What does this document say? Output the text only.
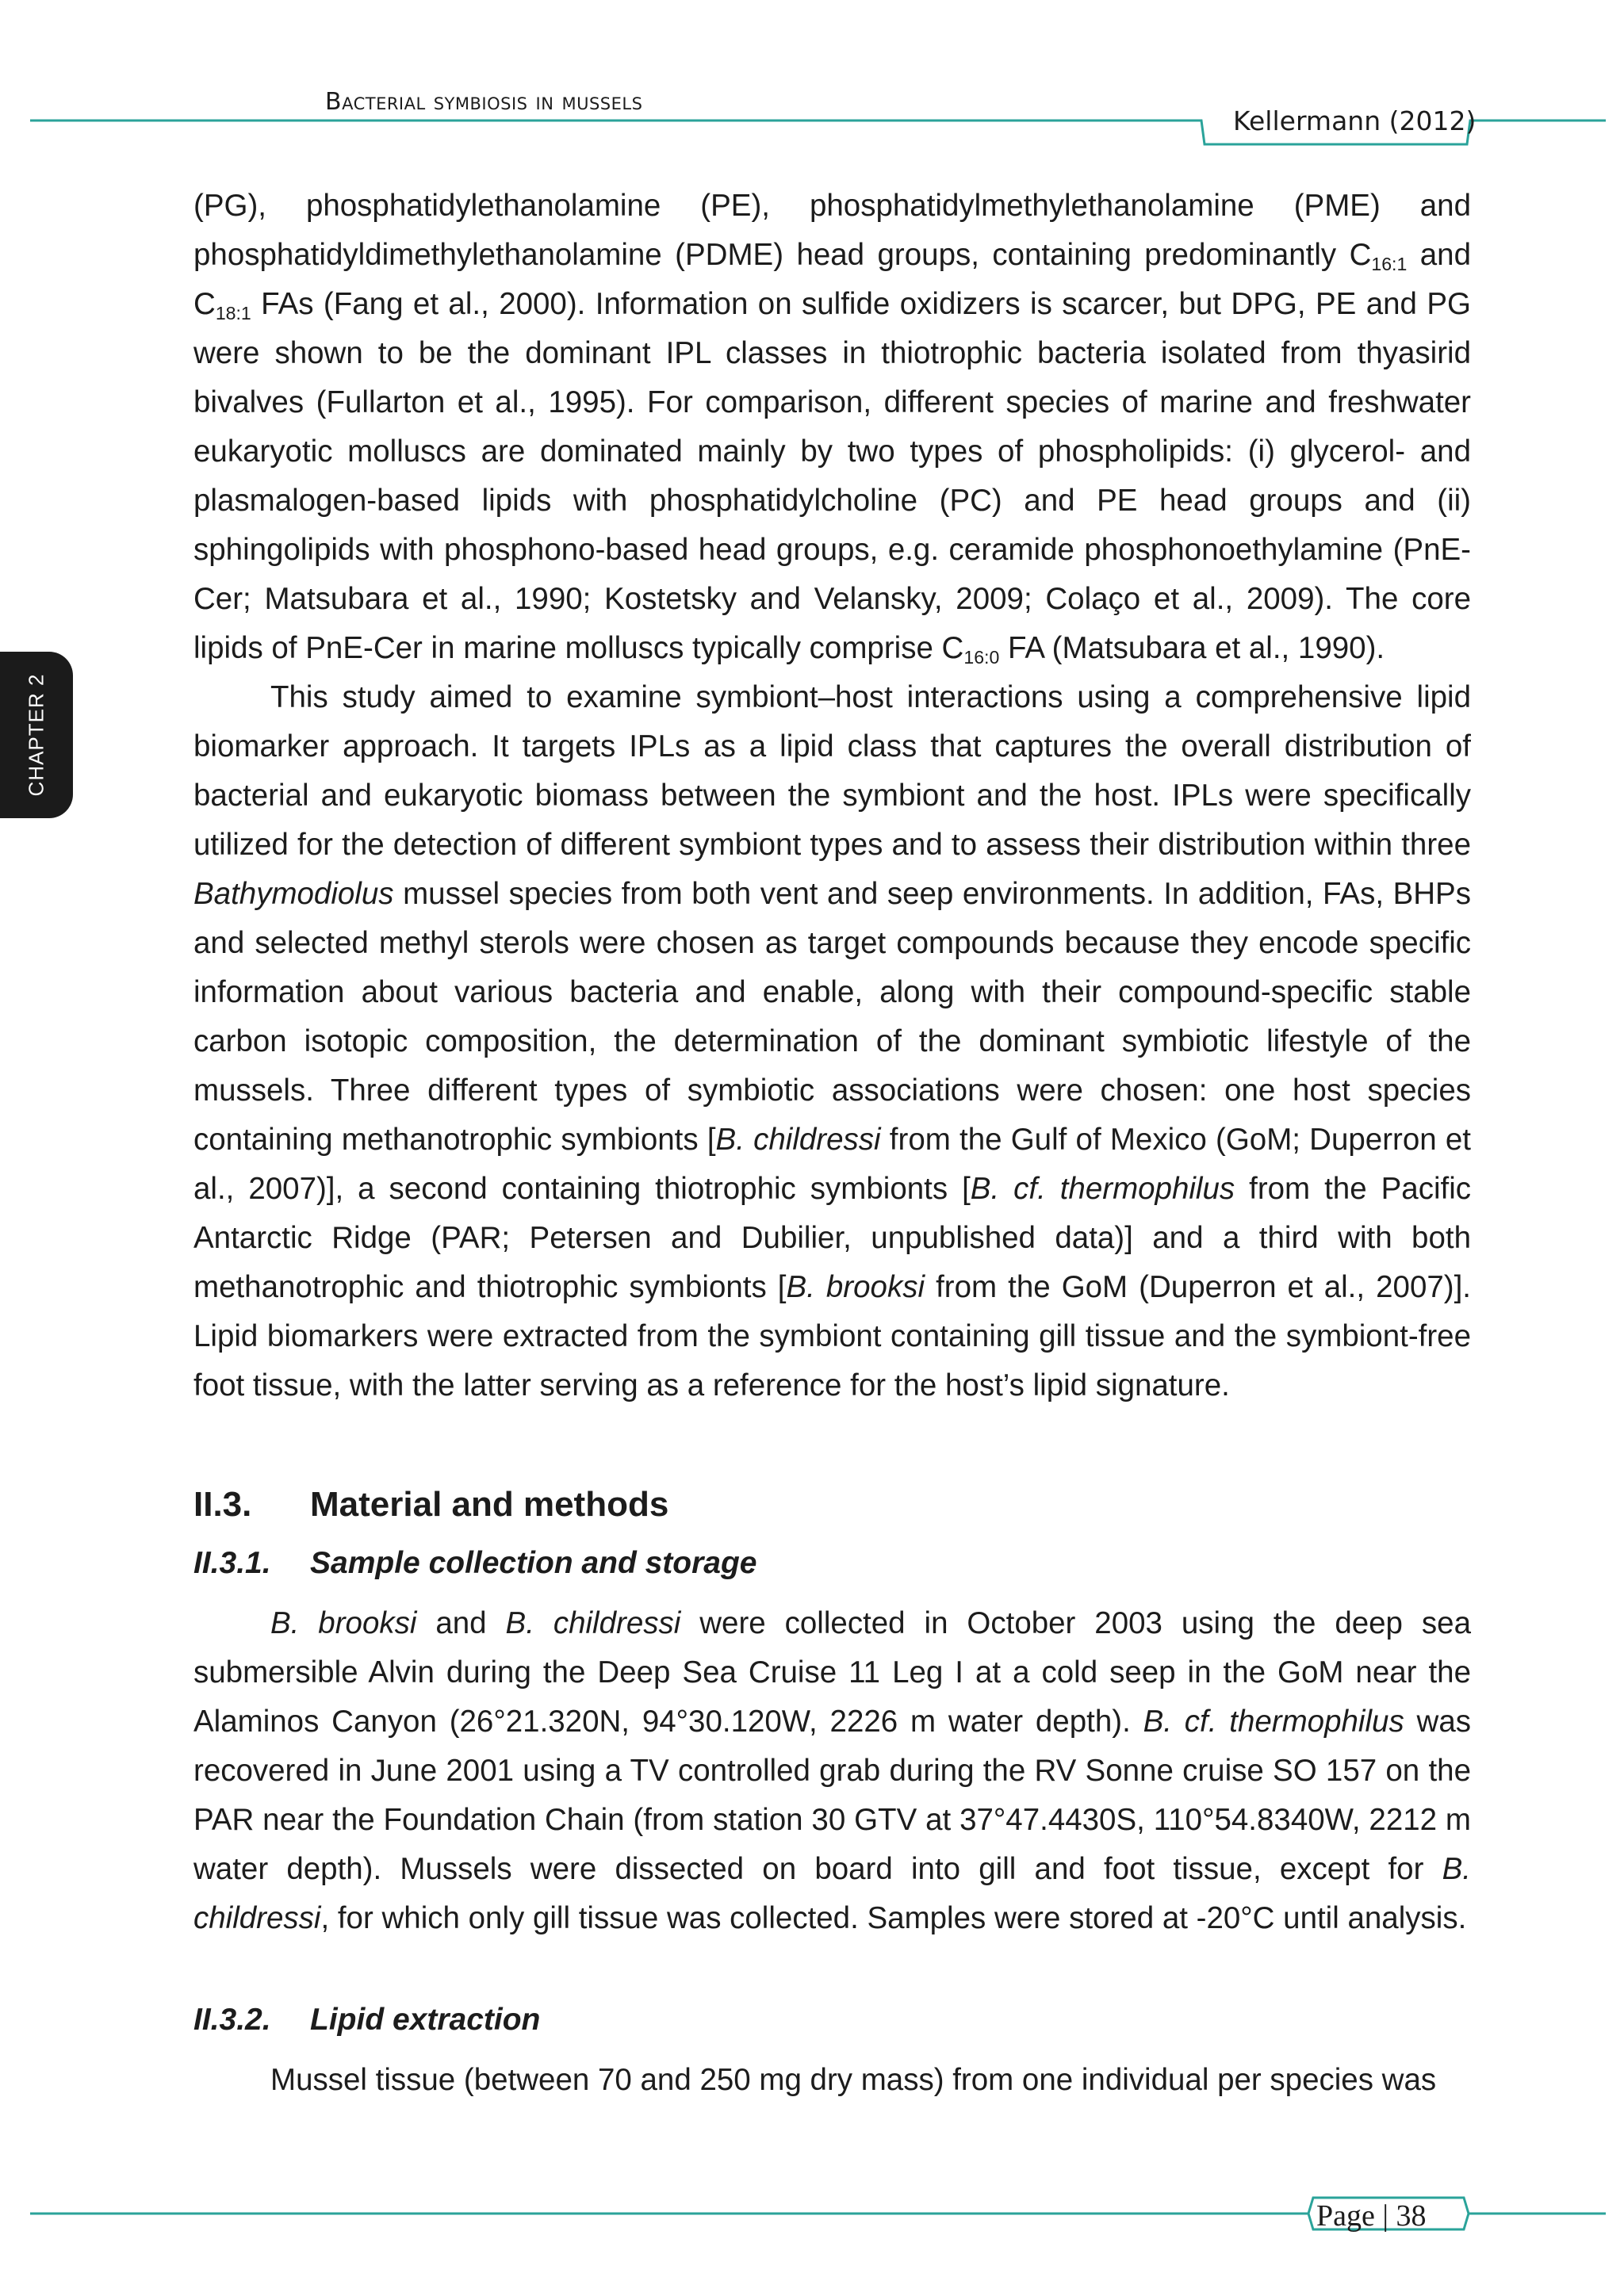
Bacterial symbiosis in mussels
Kellermann (2012)
CHAPTER 2

(PG), phosphatidylethanolamine (PE), phosphatidylmethylethanolamine (PME) and phosphatidyldimethylethanolamine (PDME) head groups, containing predominantly $C_{16:1}$ and $C_{18:1}$ FAs (Fang et al., 2000). Information on sulfide oxidizers is scarcer, but DPG, PE and PG were shown to be the dominant IPL classes in thiotrophic bacteria isolated from thyasirid bivalves (Fullarton et al., 1995). For comparison, different species of marine and freshwater eukaryotic molluscs are dominated mainly by two types of phospholipids: (i) glycerol- and plasmalogen-based lipids with phosphatidylcholine (PC) and PE head groups and (ii) sphingolipids with phosphono-based head groups, e.g. ceramide phosphonoethylamine (PnE-Cer; Matsubara et al., 1990; Kostetsky and Velansky, 2009; Colaço et al., 2009). The core lipids of PnE-Cer in marine molluscs typically comprise $C_{16:0}$ FA (Matsubara et al., 1990).

This study aimed to examine symbiont–host interactions using a comprehensive lipid biomarker approach. It targets IPLs as a lipid class that captures the overall distribution of bacterial and eukaryotic biomass between the symbiont and the host. IPLs were specifically utilized for the detection of different symbiont types and to assess their distribution within three Bathymodiolus mussel species from both vent and seep environments. In addition, FAs, BHPs and selected methyl sterols were chosen as target compounds because they encode specific information about various bacteria and enable, along with their compound-specific stable carbon isotopic composition, the determination of the dominant symbiotic lifestyle of the mussels. Three different types of symbiotic associations were chosen: one host species containing methanotrophic symbionts [B. childressi from the Gulf of Mexico (GoM; Duperron et al., 2007)], a second containing thiotrophic symbionts [B. cf. thermophilus from the Pacific Antarctic Ridge (PAR; Petersen and Dubilier, unpublished data)] and a third with both methanotrophic and thiotrophic symbionts [B. brooksi from the GoM (Duperron et al., 2007)]. Lipid biomarkers were extracted from the symbiont containing gill tissue and the symbiont-free foot tissue, with the latter serving as a reference for the host’s lipid signature.

II.3. Material and methods
II.3.1. Sample collection and storage

B. brooksi and B. childressi were collected in October 2003 using the deep sea submersible Alvin during the Deep Sea Cruise 11 Leg I at a cold seep in the GoM near the Alaminos Canyon (26°21.320N, 94°30.120W, 2226 m water depth). B. cf. thermophilus was recovered in June 2001 using a TV controlled grab during the RV Sonne cruise SO 157 on the PAR near the Foundation Chain (from station 30 GTV at 37°47.4430S, 110°54.8340W, 2212 m water depth). Mussels were dissected on board into gill and foot tissue, except for B. childressi, for which only gill tissue was collected. Samples were stored at -20°C until analysis.

II.3.2. Lipid extraction

Mussel tissue (between 70 and 250 mg dry mass) from one individual per species was

Page | 38
